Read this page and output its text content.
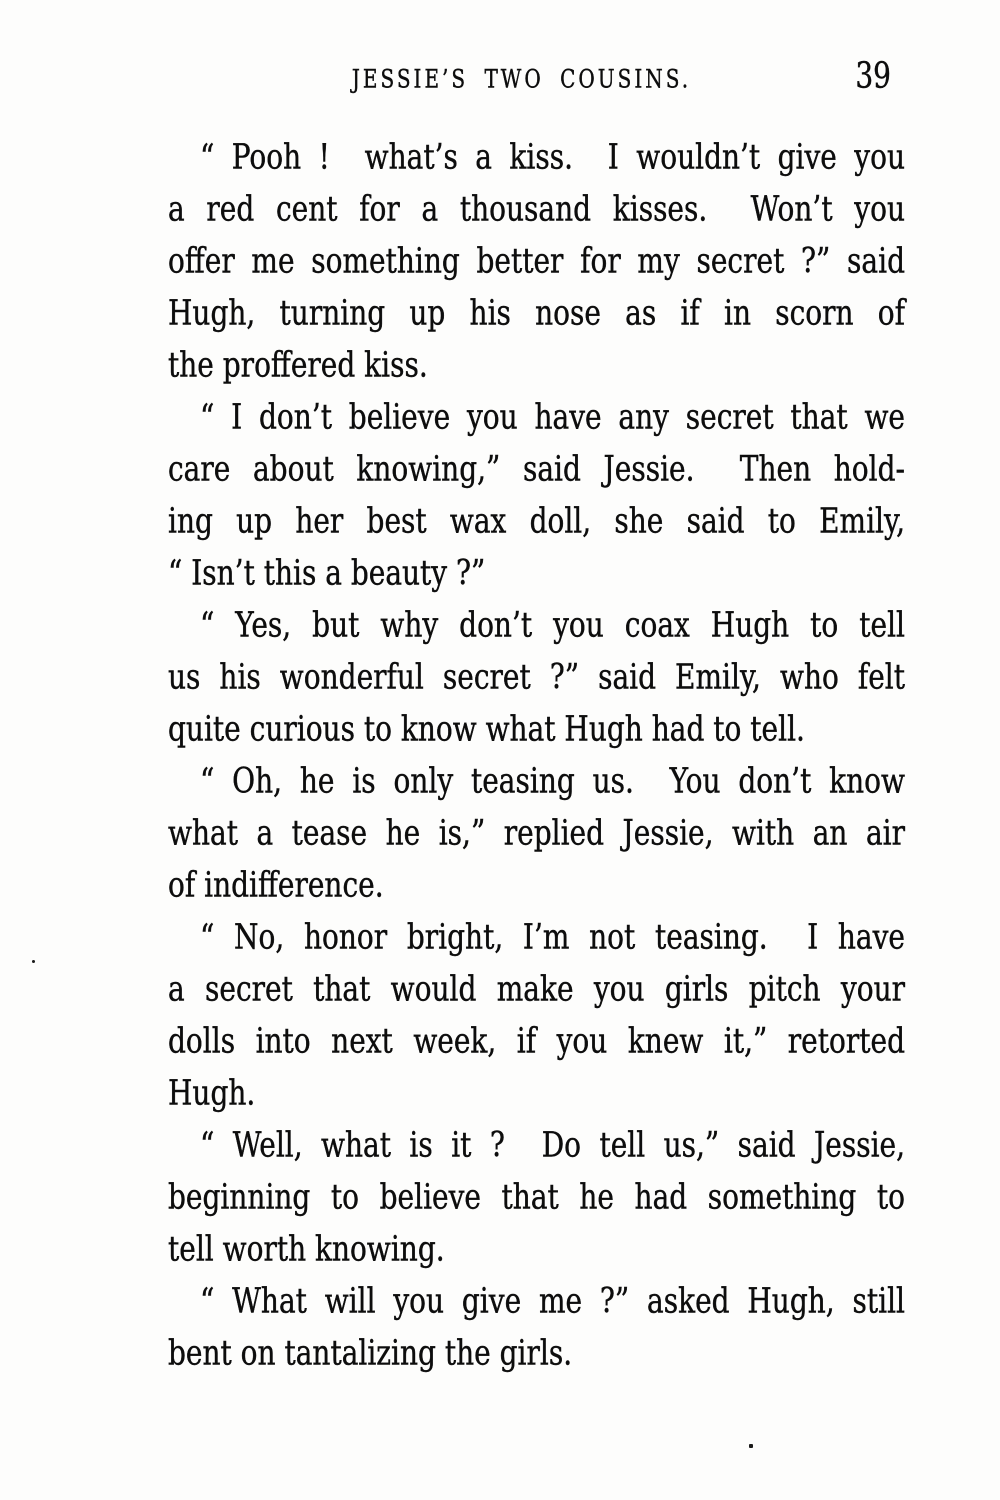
JESSIE’S TWO COUSINS.	39

“ Pooh !  what’s a kiss.  I wouldn’t give you
a red cent for a thousand kisses.  Won’t you
offer me something better for my secret ?” said
Hugh, turning up his nose as if in scorn of
the proffered kiss.

“ I don’t believe you have any secret that we
care about knowing,” said Jessie.  Then hold-
ing up her best wax doll, she said to Emily,
“ Isn’t this a beauty ?”

“ Yes, but why don’t you coax Hugh to tell
us his wonderful secret ?” said Emily, who felt
quite curious to know what Hugh had to tell.

“ Oh, he is only teasing us.  You don’t know
what a tease he is,” replied Jessie, with an air
of indifference.

“ No, honor bright, I’m not teasing.  I have
a secret that would make you girls pitch your
dolls into next week, if you knew it,” retorted
Hugh.

“ Well, what is it ?  Do tell us,” said Jessie,
beginning to believe that he had something to
tell worth knowing.

“ What will you give me ?” asked Hugh, still
bent on tantalizing the girls.
